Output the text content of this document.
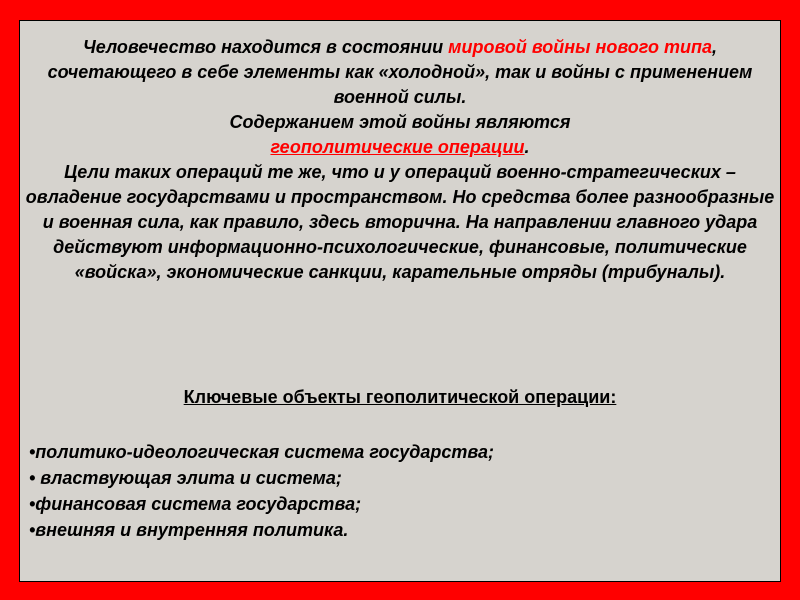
Человечество находится в состоянии мировой войны нового типа, сочетающего в себе элементы как «холодной», так и войны с применением военной силы.
Содержанием этой войны являются
геополитические операции.
Цели таких операций те же, что и у операций военно-стратегических – овладение государствами и пространством. Но средства более разнообразные и военная сила, как правило, здесь вторична. На направлении главного удара действуют информационно-психологические, финансовые, политические «войска», экономические санкции, карательные отряды (трибуналы).
Ключевые объекты геополитической операции:
•политико-идеологическая система государства;
• властвующая элита и система;
•финансовая система государства;
•внешняя и внутренняя политика.
